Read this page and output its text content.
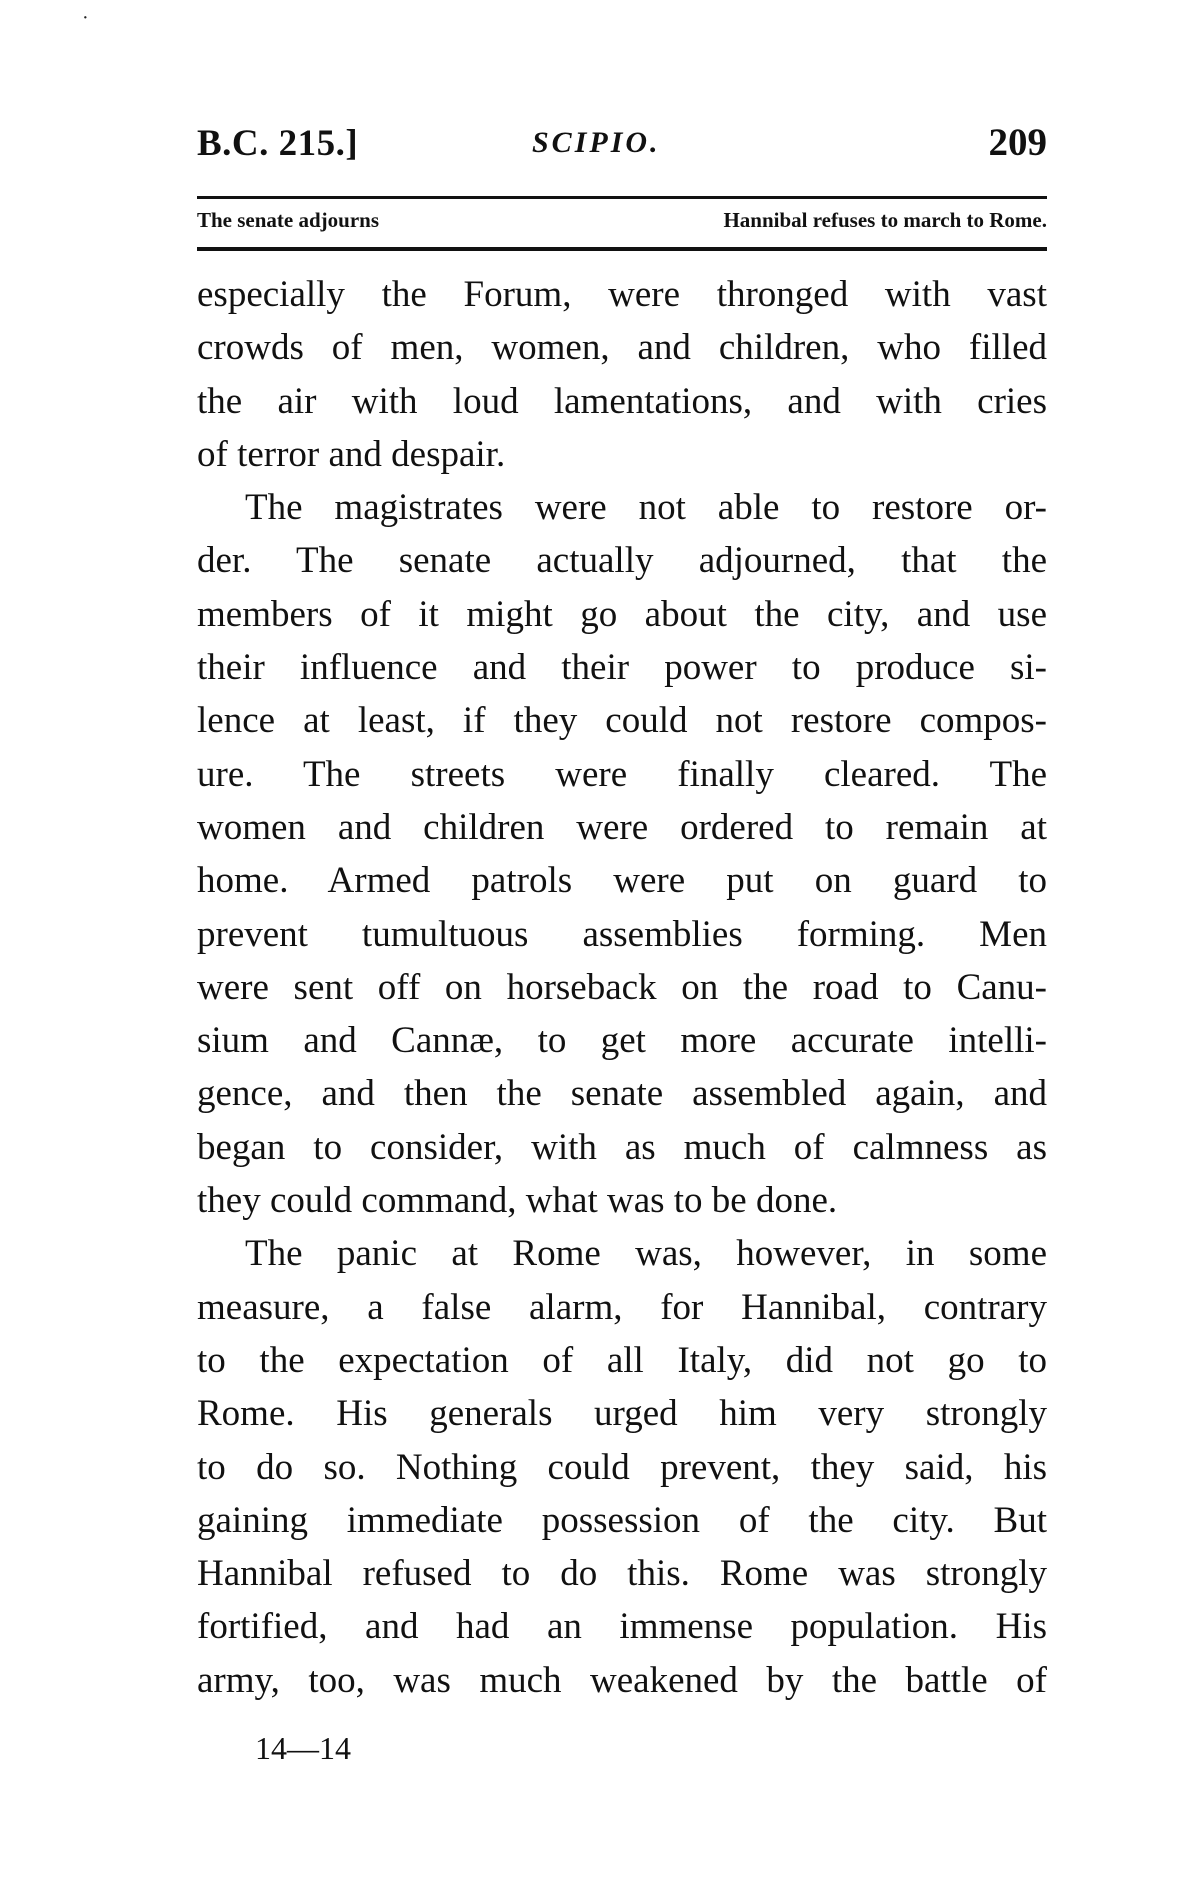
·
B.C. 215.]	SCIPIO.	209
The senate adjourns	Hannibal refuses to march to Rome.
especially the Forum, were thronged with vast
crowds of men, women, and children, who filled
the air with loud lamentations, and with cries
of terror and despair.
The magistrates were not able to restore or-
der. The senate actually adjourned, that the
members of it might go about the city, and use
their influence and their power to produce si-
lence at least, if they could not restore compos-
ure. The streets were finally cleared. The
women and children were ordered to remain at
home. Armed patrols were put on guard to
prevent tumultuous assemblies forming. Men
were sent off on horseback on the road to Canu-
sium and Cannæ, to get more accurate intelli-
gence, and then the senate assembled again, and
began to consider, with as much of calmness as
they could command, what was to be done.
The panic at Rome was, however, in some
measure, a false alarm, for Hannibal, contrary
to the expectation of all Italy, did not go to
Rome. His generals urged him very strongly
to do so. Nothing could prevent, they said, his
gaining immediate possession of the city. But
Hannibal refused to do this. Rome was strongly
fortified, and had an immense population. His
army, too, was much weakened by the battle of
14—14
